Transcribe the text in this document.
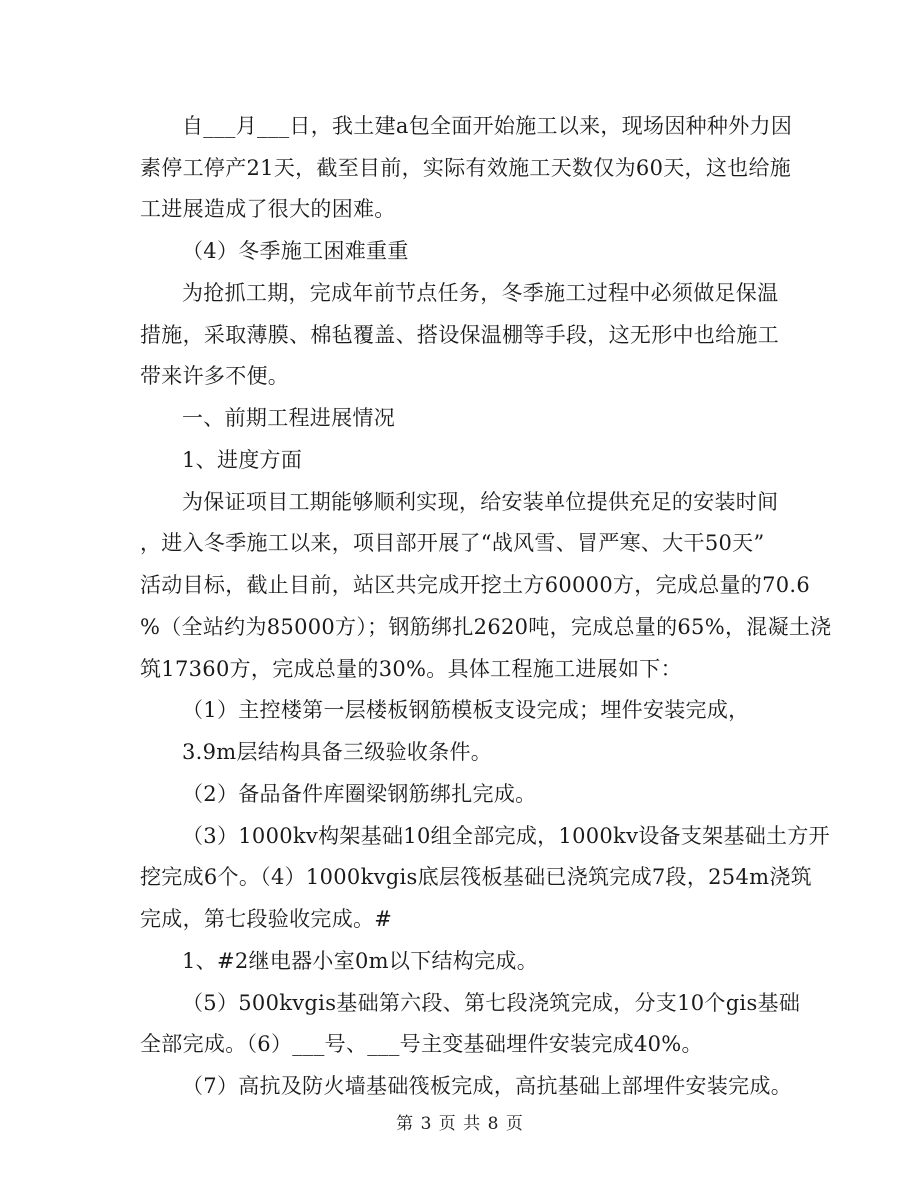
自___月___日，我土建a包全面开始施工以来，现场因种种外力因
素停工停产21天，截至目前，实际有效施工天数仅为60天，这也给施
工进展造成了很大的困难。
（4）冬季施工困难重重
为抢抓工期，完成年前节点任务，冬季施工过程中必须做足保温
措施，采取薄膜、棉毡覆盖、搭设保温棚等手段，这无形中也给施工
带来许多不便。
一、前期工程进展情况
1、进度方面
为保证项目工期能够顺利实现，给安装单位提供充足的安装时间
，进入冬季施工以来，项目部开展了“战风雪、冒严寒、大干50天”
活动目标，截止目前，站区共完成开挖土方60000方，完成总量的70.6
%（全站约为85000方）；钢筋绑扎2620吨，完成总量的65%，混凝土浇
筑17360方，完成总量的30%。具体工程施工进展如下：
（1）主控楼第一层楼板钢筋模板支设完成；埋件安装完成，
3.9m层结构具备三级验收条件。
（2）备品备件库圈梁钢筋绑扎完成。
（3）1000kv构架基础10组全部完成，1000kv设备支架基础土方开
挖完成6个。（4）1000kvgis底层筏板基础已浇筑完成7段，254m浇筑
完成，第七段验收完成。#
1、#2继电器小室0m以下结构完成。
（5）500kvgis基础第六段、第七段浇筑完成，分支10个gis基础
全部完成。（6）___号、___号主变基础埋件安装完成40%。
（7）高抗及防火墙基础筏板完成，高抗基础上部埋件安装完成。
第 3 页 共 8 页
